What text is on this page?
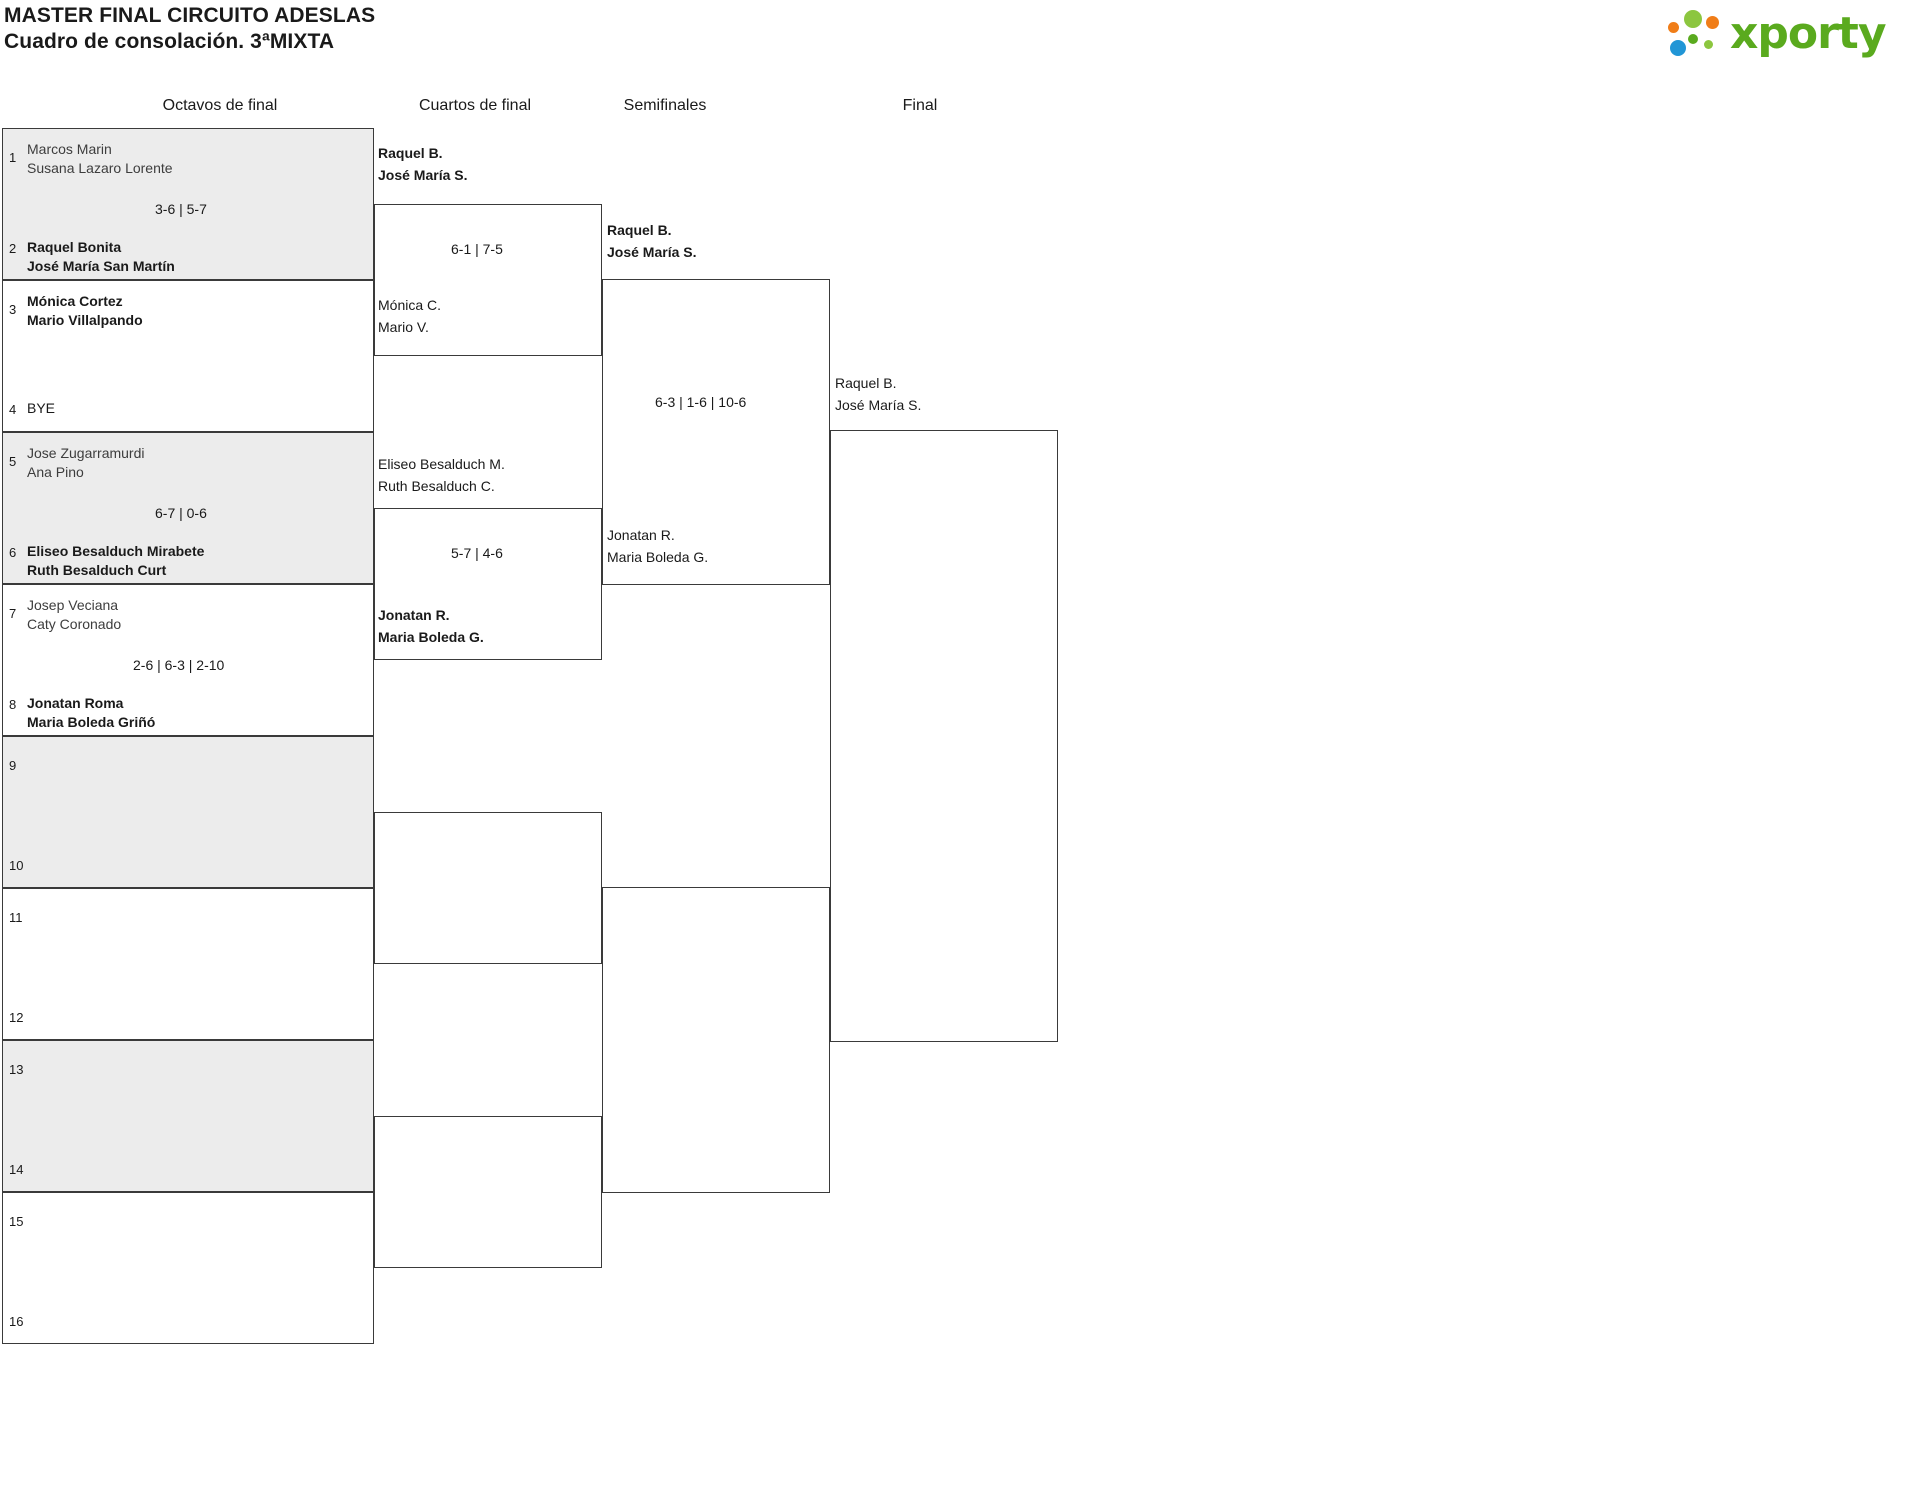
MASTER FINAL CIRCUITO ADESLAS
Cuadro de consolación. 3ªMIXTA	xporty
Octavos de final	Cuartos de final	Semifinales	Final
1
Marcos Marin
Susana Lazaro Lorente
3-6 | 5-7
2 Raquel Bonita
José María San Martín
3
Mónica Cortez
Mario Villalpando
4 BYE
5
Jose Zugarramurdi
Ana Pino
6-7 | 0-6
6 Eliseo Besalduch Mirabete
Ruth Besalduch Curt
7
Josep Veciana
Caty Coronado
2-6 | 6-3 | 2-10
8 Jonatan Roma
Maria Boleda Griñó
9
10
11
12
13
14
15
16
6-1 | 7-5
Raquel B.
José María S.
Mónica C.
Mario V.
5-7 | 4-6
Eliseo Besalduch M.
Ruth Besalduch C.
Jonatan R.
Maria Boleda G.
6-3 | 1-6 | 10-6
Raquel B.
José María S.
Jonatan R.
Maria Boleda G.
Raquel B.
José María S.
